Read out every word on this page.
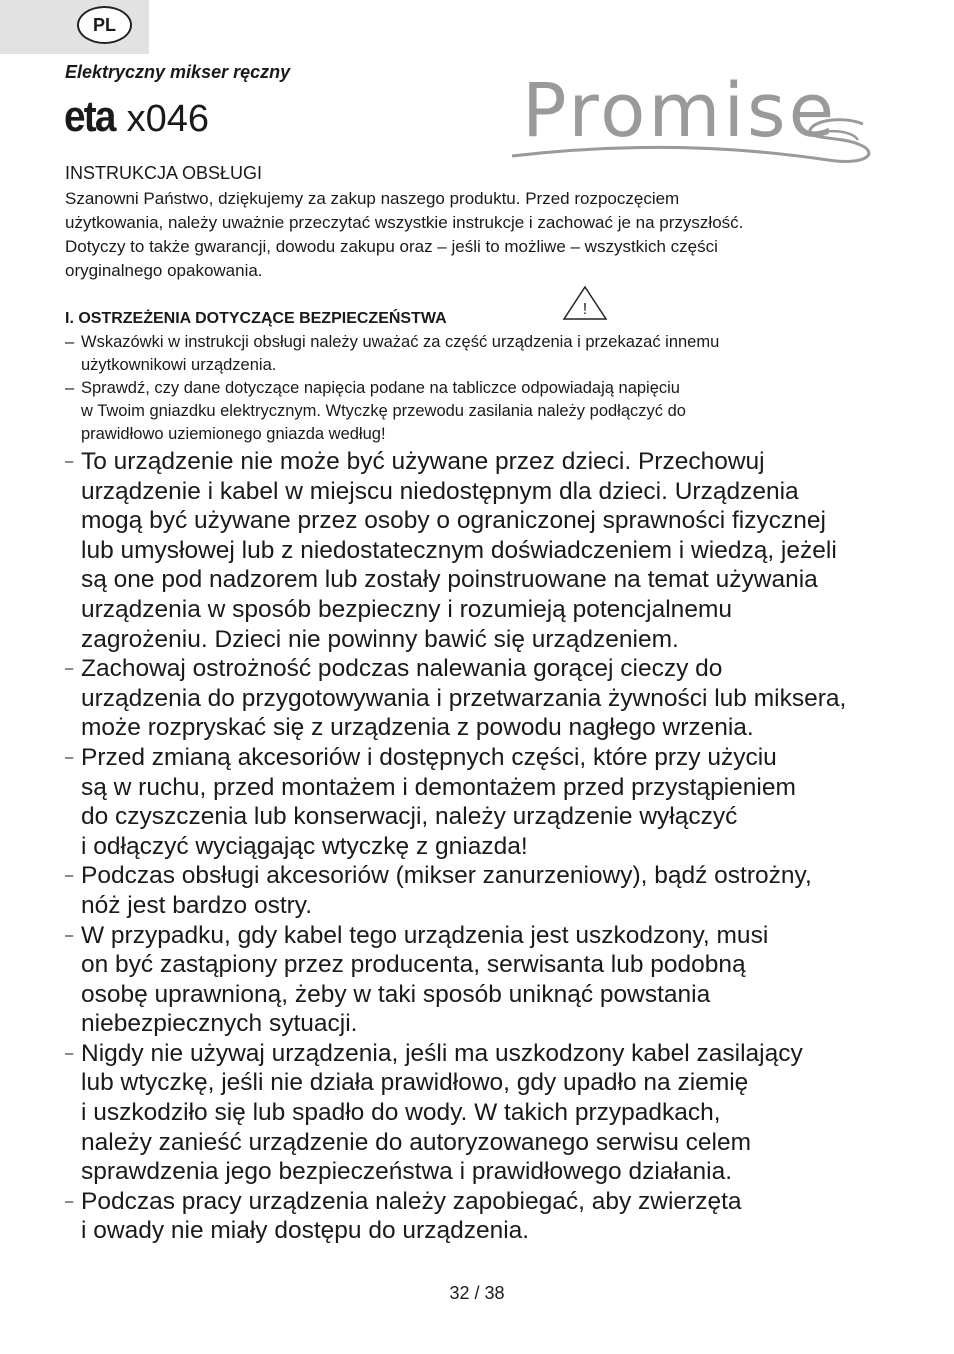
PL
Elektryczny mikser ręczny
eta x046	Promise
INSTRUKCJA OBSŁUGI
Szanowni Państwo, dziękujemy za zakup naszego produktu. Przed rozpoczęciem
użytkowania, należy uważnie przeczytać wszystkie instrukcje i zachować je na przyszłość.
Dotyczy to także gwarancji, dowodu zakupu oraz – jeśli to możliwe – wszystkich części
oryginalnego opakowania.
I. OSTRZEŻENIA DOTYCZĄCE BEZPIECZEŃSTWA
!
– Wskazówki w instrukcji obsługi należy uważać za część urządzenia i przekazać innemu
użytkownikowi urządzenia.
– Sprawdź, czy dane dotyczące napięcia podane na tabliczce odpowiadają napięciu
w Twoim gniazdku elektrycznym. Wtyczkę przewodu zasilania należy podłączyć do
prawidłowo uziemionego gniazda według!
– To urządzenie nie może być używane przez dzieci. Przechowuj
urządzenie i kabel w miejscu niedostępnym dla dzieci. Urządzenia
mogą być używane przez osoby o ograniczonej sprawności fizycznej
lub umysłowej lub z niedostatecznym doświadczeniem i wiedzą, jeżeli
są one pod nadzorem lub zostały poinstruowane na temat używania
urządzenia w sposób bezpieczny i rozumieją potencjalnemu
zagrożeniu. Dzieci nie powinny bawić się urządzeniem.
– Zachowaj ostrożność podczas nalewania gorącej cieczy do
urządzenia do przygotowywania i przetwarzania żywności lub miksera,
może rozpryskać się z urządzenia z powodu nagłego wrzenia.
– Przed zmianą akcesoriów i dostępnych części, które przy użyciu
są w ruchu, przed montażem i demontażem przed przystąpieniem
do czyszczenia lub konserwacji, należy urządzenie wyłączyć
i odłączyć wyciągając wtyczkę z gniazda!
– Podczas obsługi akcesoriów (mikser zanurzeniowy), bądź ostrożny,
nóż jest bardzo ostry.
– W przypadku, gdy kabel tego urządzenia jest uszkodzony, musi
on być zastąpiony przez producenta, serwisanta lub podobną
osobę uprawnioną, żeby w taki sposób uniknąć powstania
niebezpiecznych sytuacji.
– Nigdy nie używaj urządzenia, jeśli ma uszkodzony kabel zasilający
lub wtyczkę, jeśli nie działa prawidłowo, gdy upadło na ziemię
i uszkodziło się lub spadło do wody. W takich przypadkach,
należy zanieść urządzenie do autoryzowanego serwisu celem
sprawdzenia jego bezpieczeństwa i prawidłowego działania.
– Podczas pracy urządzenia należy zapobiegać, aby zwierzęta
i owady nie miały dostępu do urządzenia.
32 / 38
